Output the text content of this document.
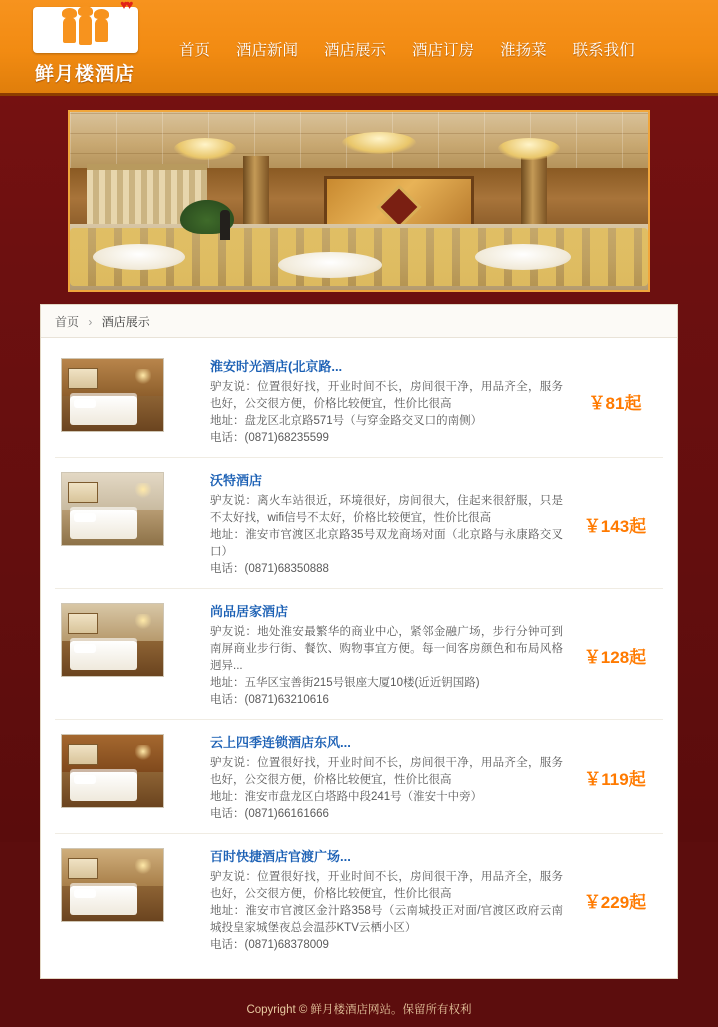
♥♥
鲜月楼酒店
首页 酒店新闻 酒店展示 酒店订房 淮扬菜 联系我们
首页 › 酒店展示
淮安时光酒店(北京路...
驴友说：位置很好找，开业时间不长，房间很干净，用品齐全，服务也好，公交很方便，价格比较便宜，性价比很高
地址：盘龙区北京路571号（与穿金路交叉口的南侧）
电话：(0871)68235599
￥81起
沃特酒店
驴友说：离火车站很近，环境很好，房间很大，住起来很舒服，只是不太好找，wifi信号不太好，价格比较便宜，性价比很高
地址：淮安市官渡区北京路35号双龙商场对面（北京路与永康路交叉口）
电话：(0871)68350888
￥143起
尚品居家酒店
驴友说：地处淮安最繁华的商业中心，紧邻金融广场，步行分钟可到南屏商业步行街、餐饮、购物事宜方便。每一间客房颜色和布局风格迥异...
地址：五华区宝善街215号银座大厦10楼(近近钥国路)
电话：(0871)63210616
￥128起
云上四季连锁酒店东风...
驴友说：位置很好找，开业时间不长，房间很干净，用品齐全，服务也好，公交很方便，价格比较便宜，性价比很高
地址：淮安市盘龙区白塔路中段241号（淮安十中旁）
电话：(0871)66161666
￥119起
百时快捷酒店官渡广场...
驴友说：位置很好找，开业时间不长，房间很干净，用品齐全，服务也好，公交很方便，价格比较便宜，性价比很高
地址：淮安市官渡区金汁路358号（云南城投正对面/官渡区政府云南城投皇家城堡夜总会温莎KTV云栖小区）
电话：(0871)68378009
￥229起
Copyright © 鲜月楼酒店网站。保留所有权利
